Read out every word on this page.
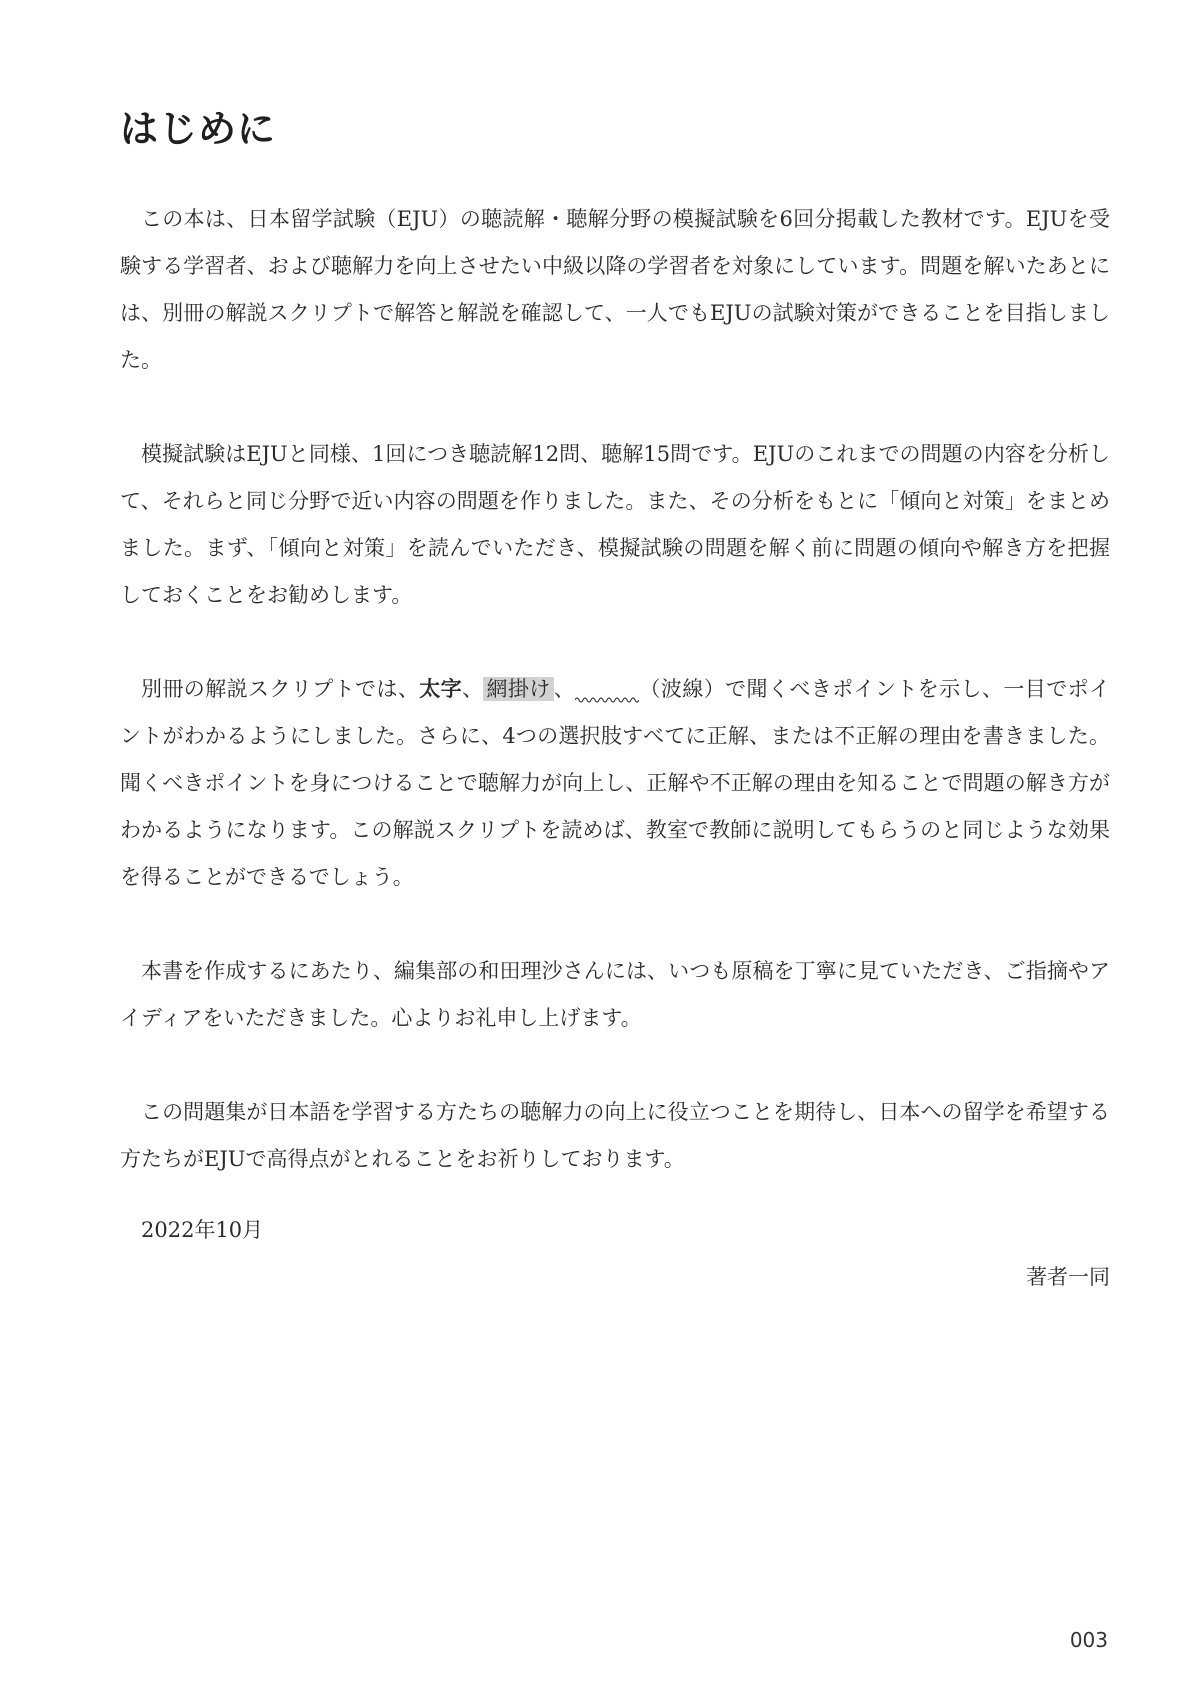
はじめに

この本は、日本留学試験（EJU）の聴読解・聴解分野の模擬試験を6回分掲載した教材です。EJUを受験する学習者、および聴解力を向上させたい中級以降の学習者を対象にしています。問題を解いたあとには、別冊の解説スクリプトで解答と解説を確認して、一人でもEJUの試験対策ができることを目指しました。

模擬試験はEJUと同様、1回につき聴読解12問、聴解15問です。EJUのこれまでの問題の内容を分析して、それらと同じ分野で近い内容の問題を作りました。また、その分析をもとに「傾向と対策」をまとめました。まず、「傾向と対策」を読んでいただき、模擬試験の問題を解く前に問題の傾向や解き方を把握しておくことをお勧めします。

別冊の解説スクリプトでは、太字、 網掛け 、	（波線）で聞くべきポイントを示し、一目でポイントがわかるようにしました。さらに、4つの選択肢すべてに正解、または不正解の理由を書きました。聞くべきポイントを身につけることで聴解力が向上し、正解や不正解の理由を知ることで問題の解き方がわかるようになります。この解説スクリプトを読めば、教室で教師に説明してもらうのと同じような効果を得ることができるでしょう。

本書を作成するにあたり、編集部の和田理沙さんには、いつも原稿を丁寧に見ていただき、ご指摘やアイディアをいただきました。心よりお礼申し上げます。

この問題集が日本語を学習する方たちの聴解力の向上に役立つことを期待し、日本への留学を希望する方たちがEJUで高得点がとれることをお祈りしております。

2022年10月

著者一同

003
